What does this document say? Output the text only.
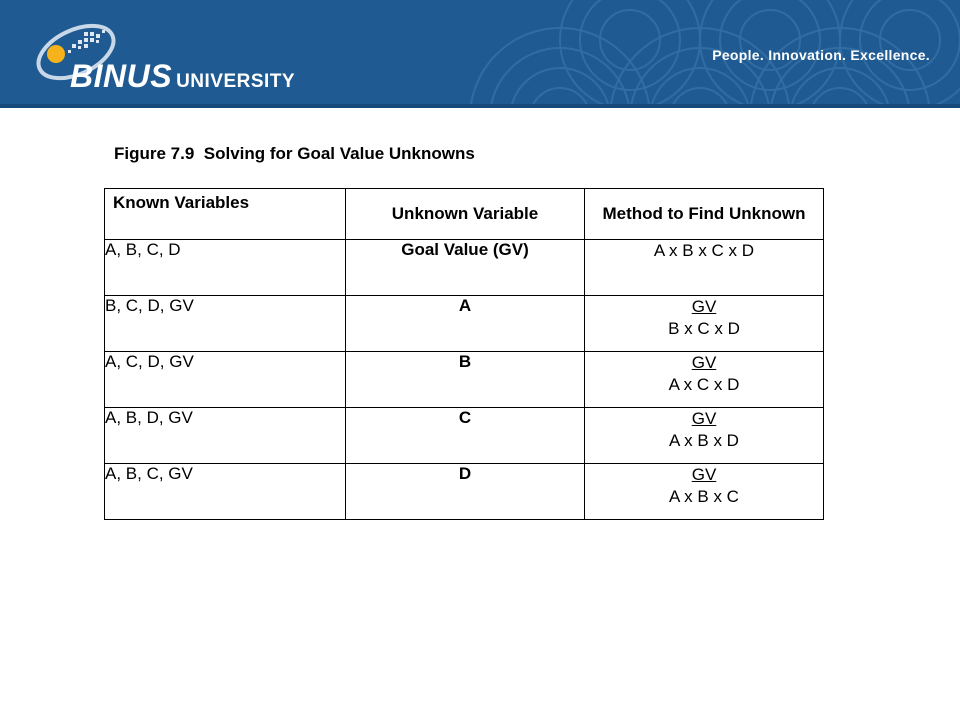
BINUS UNIVERSITY
People. Innovation. Excellence.
Figure 7.9  Solving for Goal Value Unknowns
Known Variables	Unknown Variable	Method to Find Unknown
A, B, C, D	Goal Value (GV)	A x B x C x D

B, C, D, GV	A	GV
B x C x D

A, C, D, GV	B	GV
A x C x D

A, B, D, GV	C	GV
A x B x D

A, B, C, GV	D	GV
A x B x C
